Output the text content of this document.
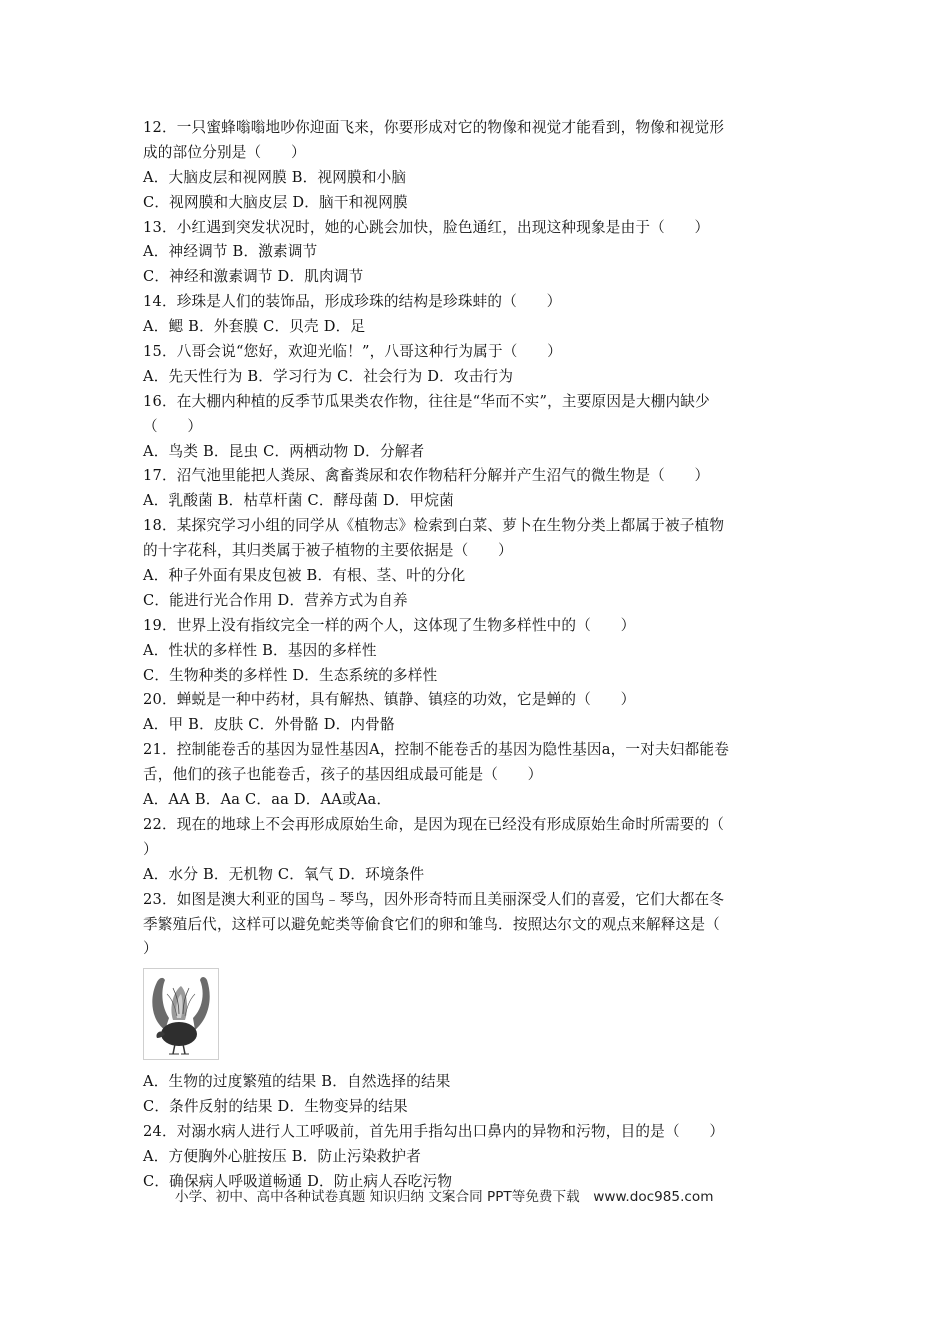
12．一只蜜蜂嗡嗡地吵你迎面飞来，你要形成对它的物像和视觉才能看到，物像和视觉形
成的部位分别是（　　）
A．大脑皮层和视网膜 B．视网膜和小脑
C．视网膜和大脑皮层 D．脑干和视网膜
13．小红遇到突发状况时，她的心跳会加快，脸色通红，出现这种现象是由于（　　）
A．神经调节 B．激素调节
C．神经和激素调节 D．肌肉调节
14．珍珠是人们的装饰品，形成珍珠的结构是珍珠蚌的（　　）
A．鳃 B．外套膜 C．贝壳 D．足
15．八哥会说“您好，欢迎光临！”，八哥这种行为属于（　　）
A．先天性行为 B．学习行为 C．社会行为 D．攻击行为
16．在大棚内种植的反季节瓜果类农作物，往往是“华而不实”，主要原因是大棚内缺少
（　　）
A．鸟类 B．昆虫 C．两栖动物 D．分解者
17．沼气池里能把人粪尿、禽畜粪尿和农作物秸秆分解并产生沼气的微生物是（　　）
A．乳酸菌 B．枯草杆菌 C．酵母菌 D．甲烷菌
18．某探究学习小组的同学从《植物志》检索到白菜、萝卜在生物分类上都属于被子植物
的十字花科，其归类属于被子植物的主要依据是（　　）
A．种子外面有果皮包被 B．有根、茎、叶的分化
C．能进行光合作用 D．营养方式为自养
19．世界上没有指纹完全一样的两个人，这体现了生物多样性中的（　　）
A．性状的多样性 B．基因的多样性
C．生物种类的多样性 D．生态系统的多样性
20．蝉蜕是一种中药材，具有解热、镇静、镇痉的功效，它是蝉的（　　）
A．甲 B．皮肤 C．外骨骼 D．内骨骼
21．控制能卷舌的基因为显性基因A，控制不能卷舌的基因为隐性基因a，一对夫妇都能卷
舌，他们的孩子也能卷舌，孩子的基因组成最可能是（　　）
A．AA B．Aa C．aa D．AA或Aa．
22．现在的地球上不会再形成原始生命，是因为现在已经没有形成原始生命时所需要的（
）
A．水分 B．无机物 C．氧气 D．环境条件
23．如图是澳大利亚的国鸟﹣琴鸟，因外形奇特而且美丽深受人们的喜爱，它们大都在冬
季繁殖后代，这样可以避免蛇类等偷食它们的卵和雏鸟．按照达尔文的观点来解释这是（
）
A．生物的过度繁殖的结果 B．自然选择的结果
C．条件反射的结果 D．生物变异的结果
24．对溺水病人进行人工呼吸前，首先用手指勾出口鼻内的异物和污物，目的是（　　）
A．方便胸外心脏按压 B．防止污染救护者
C．确保病人呼吸道畅通 D．防止病人吞吃污物
小学、初中、高中各种试卷真题 知识归纳 文案合同 PPT等免费下载　www.doc985.com
